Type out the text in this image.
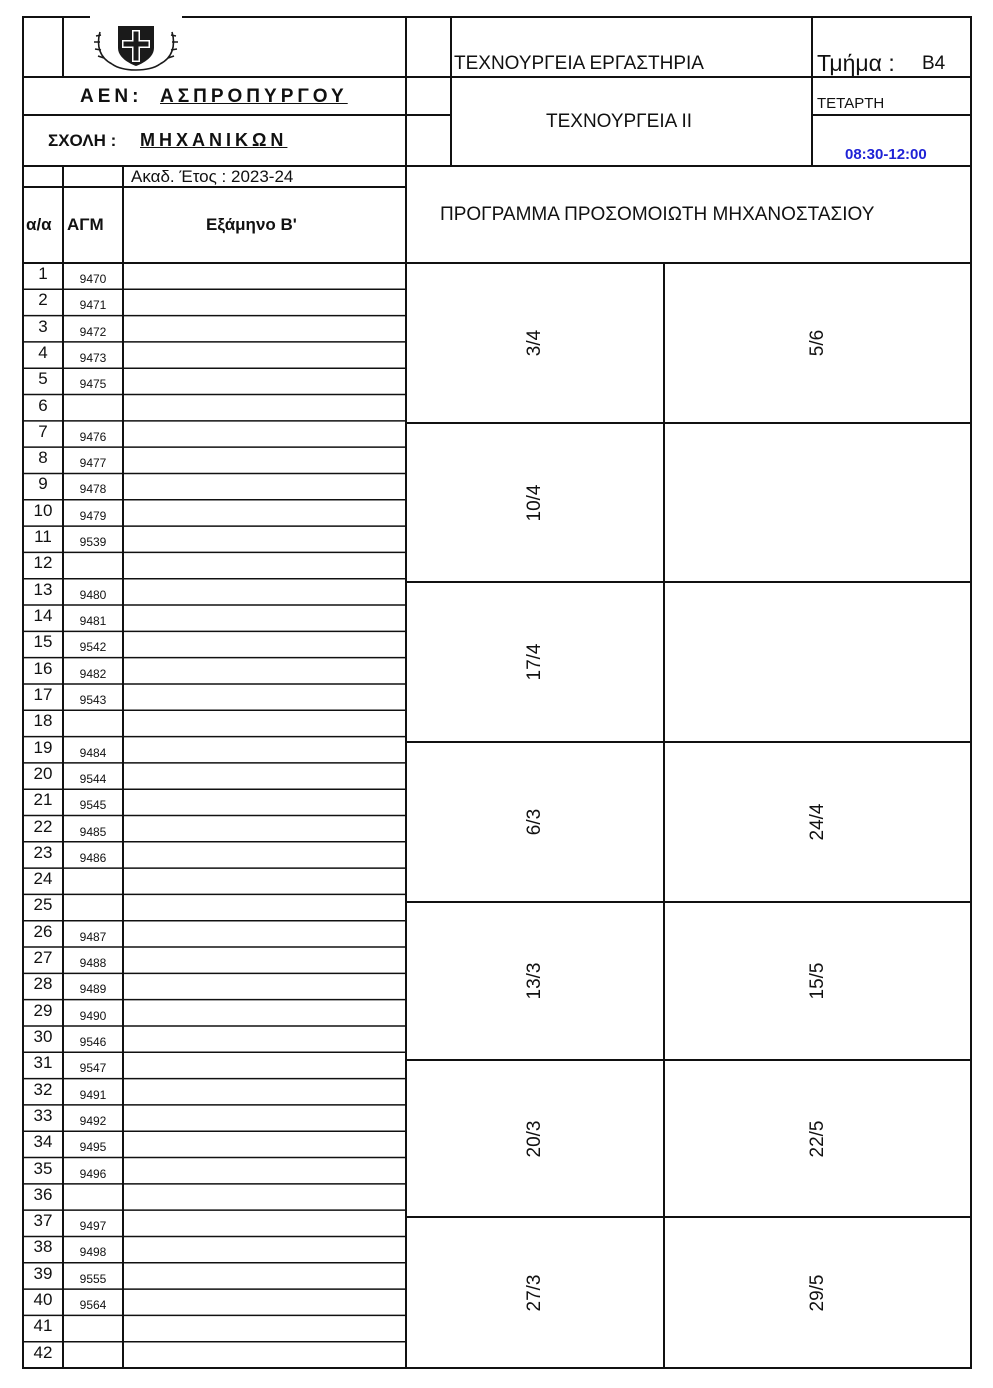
ΤΕΧΝΟΥΡΓΕΙΑ ΕΡΓΑΣΤΗΡΙΑ	Τμήμα : Β4
ΑΕΝ: ΑΣΠΡΟΠΥΡΓΟΥ
ΣΧΟΛΗ : ΜΗΧΑΝΙΚΩΝ
ΤΕΧΝΟΥΡΓΕΙΑ ΙΙ
ΤΕΤΑΡΤΗ
08:30-12:00
Ακαδ. Έτος : 2023-24
α/α ΑΓΜ	Εξάμηνο Β'	ΠΡΟΓΡΑΜΜΑ ΠΡΟΣΟΜΟΙΩΤΗ ΜΗΧΑΝΟΣΤΑΣΙΟΥ
1	9470
2	9471
3	9472
4	9473
5	9475
6
7	9476
8	9477
9	9478
10	9479
11	9539
12
13	9480
14	9481
15	9542
16	9482
17	9543
18
19	9484
20	9544
21	9545
22	9485
23	9486
24
25
26	9487
27	9488
28	9489
29	9490
30	9546
31	9547
32	9491
33	9492
34	9495
35	9496
36
37	9497
38	9498
39	9555
40	9564
41
42
3/4	5/6
10/4
17/4
6/3	24/4
13/3	15/5
20/3	22/5
27/3	29/5
